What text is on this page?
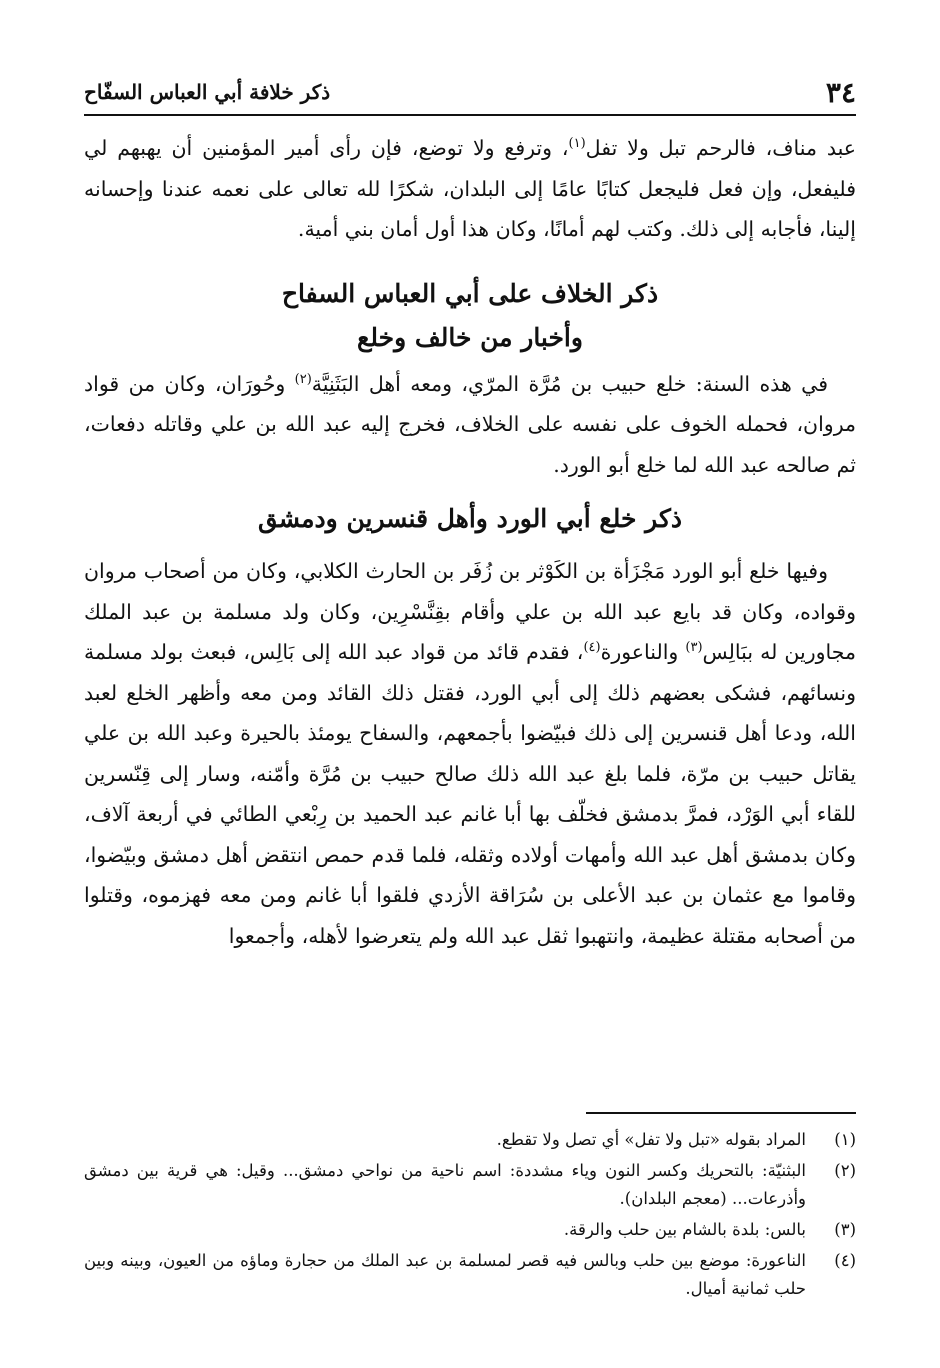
٣٤
ذكر خلافة أبي العباس السفّاح

عبد مناف، فالرحم تبل ولا تفل$^{(١)}$، وترفع ولا توضع، فإن رأى أمير المؤمنين أن يهبهم لي فليفعل، وإن فعل فليجعل كتابًا عامًا إلى البلدان، شكرًا لله تعالى على نعمه عندنا وإحسانه إلينا، فأجابه إلى ذلك. وكتب لهم أمانًا، وكان هذا أول أمان بني أمية.

ذكر الخلاف على أبي العباس السفاح
وأخبار من خالف وخلع

في هذه السنة: خلع حبيب بن مُرَّة المرّي، ومعه أهل البَثَنِيَّة$^{(٢)}$ وحُورَان، وكان من قواد مروان، فحمله الخوف على نفسه على الخلاف، فخرج إليه عبد الله بن علي وقاتله دفعات، ثم صالحه عبد الله لما خلع أبو الورد.

ذكر خلع أبي الورد وأهل قنسرين ودمشق

وفيها خلع أبو الورد مَجْزَأة بن الكَوْثر بن زُفَر بن الحارث الكلابي، وكان من أصحاب مروان وقواده، وكان قد بايع عبد الله بن علي وأقام بقِنَّسْرِين، وكان ولد مسلمة بن عبد الملك مجاورين له ببَالِس$^{(٣)}$ والناعورة$^{(٤)}$، فقدم قائد من قواد عبد الله إلى بَالِس، فبعث بولد مسلمة ونسائهم، فشكى بعضهم ذلك إلى أبي الورد، فقتل ذلك القائد ومن معه وأظهر الخلع لعبد الله، ودعا أهل قنسرين إلى ذلك فبيّضوا بأجمعهم، والسفاح يومئذ بالحيرة وعبد الله بن علي يقاتل حبيب بن مرّة، فلما بلغ عبد الله ذلك صالح حبيب بن مُرَّة وأمّنه، وسار إلى قِنّسرين للقاء أبي الوَرْد، فمرَّ بدمشق فخلّف بها أبا غانم عبد الحميد بن رِبْعي الطائي في أربعة آلاف، وكان بدمشق أهل عبد الله وأمهات أولاده وثقله، فلما قدم حمص انتقض أهل دمشق وبيّضوا، وقاموا مع عثمان بن عبد الأعلى بن سُرَاقة الأزدي فلقوا أبا غانم ومن معه فهزموه، وقتلوا من أصحابه مقتلة عظيمة، وانتهبوا ثقل عبد الله ولم يتعرضوا لأهله، وأجمعوا

(١)
المراد بقوله «تبل ولا تفل» أي تصل ولا تقطع.
(٢)
البثنيّة: بالتحريك وكسر النون وياء مشددة: اسم ناحية من نواحي دمشق... وقيل: هي قرية بين دمشق وأذرعات... (معجم البلدان).
(٣)
بالس: بلدة بالشام بين حلب والرقة.
(٤)
الناعورة: موضع بين حلب وبالس فيه قصر لمسلمة بن عبد الملك من حجارة وماؤه من العيون، وبينه وبين حلب ثمانية أميال.
